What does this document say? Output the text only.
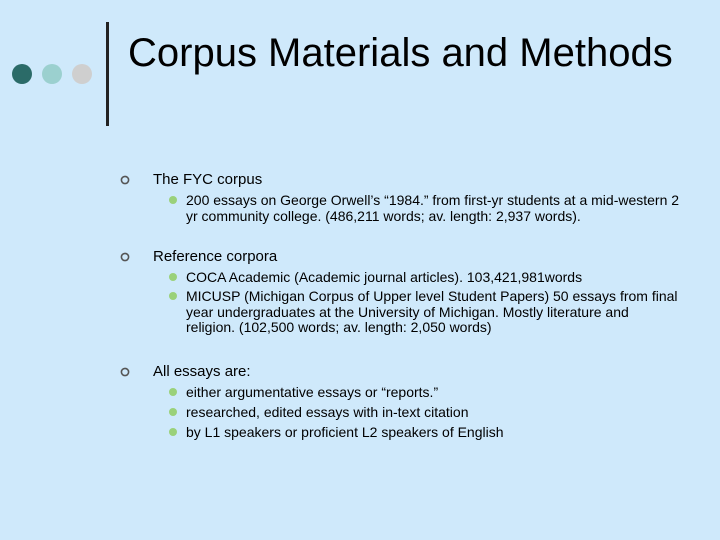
Corpus Materials and Methods
The FYC corpus
200 essays on George Orwell’s “1984.” from first-yr students at a mid-western 2 yr community college. (486,211 words; av. length: 2,937 words).
Reference corpora
COCA Academic (Academic journal articles). 103,421,981words
MICUSP (Michigan Corpus of Upper level Student Papers) 50 essays from final year undergraduates at the University of Michigan. Mostly literature and religion. (102,500 words; av. length: 2,050 words)
All essays are:
either argumentative essays or “reports.”
researched, edited essays with in-text citation
by L1 speakers or proficient L2 speakers of English
